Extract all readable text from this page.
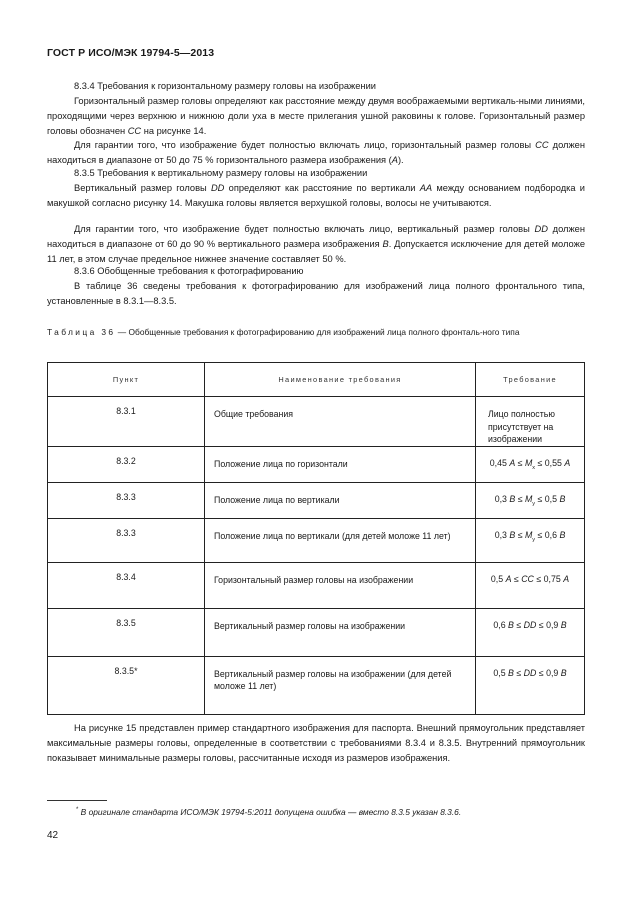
ГОСТ Р ИСО/МЭК 19794-5—2013
8.3.4 Требования к горизонтальному размеру головы на изображении
Горизонтальный размер головы определяют как расстояние между двумя воображаемыми вертикаль-ными линиями, проходящими через верхнюю и нижнюю доли уха в месте прилегания ушной раковины к голове. Горизонтальный размер головы обозначен CC на рисунке 14.
Для гарантии того, что изображение будет полностью включать лицо, горизонтальный размер головы CC должен находиться в диапазоне от 50 до 75 % горизонтального размера изображения (A).
8.3.5 Требования к вертикальному размеру головы на изображении
Вертикальный размер головы DD определяют как расстояние по вертикали AA между основанием подбородка и макушкой согласно рисунку 14. Макушка головы является верхушкой головы, волосы не учитываются.
Для гарантии того, что изображение будет полностью включать лицо, вертикальный размер головы DD должен находиться в диапазоне от 60 до 90 % вертикального размера изображения B. Допускается исключение для детей моложе 11 лет, в этом случае предельное нижнее значение составляет 50 %.
8.3.6 Обобщенные требования к фотографированию
В таблице 36 сведены требования к фотографированию для изображений лица полного фронтального типа, установленные в 8.3.1—8.3.5.
Таблица 36 — Обобщенные требования к фотографированию для изображений лица полного фронталь-ного типа
Пункт	Наименование требования	Требование
8.3.1	Общие требования	Лицо полностью присутствует на изображении
8.3.2	Положение лица по горизонтали	0,45 $A \le M_x \le 0,55$ A
8.3.3	Положение лица по вертикали	0,3 $B \le M_y \le 0,5$ B
8.3.3	Положение лица по вертикали (для детей моложе 11 лет)	0,3 $B \le M_y \le 0,6$ B
8.3.4	Горизонтальный размер головы на изображении	0,5 A ≤ CC ≤ 0,75 A
8.3.5	Вертикальный размер головы на изображении	0,6 B ≤ DD ≤ 0,9 B
8.3.5*	Вертикальный размер головы на изображении (для детей моложе 11 лет)	0,5 B ≤ DD ≤ 0,9 B
На рисунке 15 представлен пример стандартного изображения для паспорта. Внешний прямоугольник представляет максимальные размеры головы, определенные в соответствии с требованиями 8.3.4 и 8.3.5. Внутренний прямоугольник показывает минимальные размеры головы, рассчитанные исходя из размеров изображения.
* В оригинале стандарта ИСО/МЭК 19794-5:2011 допущена ошибка — вместо 8.3.5 указан 8.3.6.
42
